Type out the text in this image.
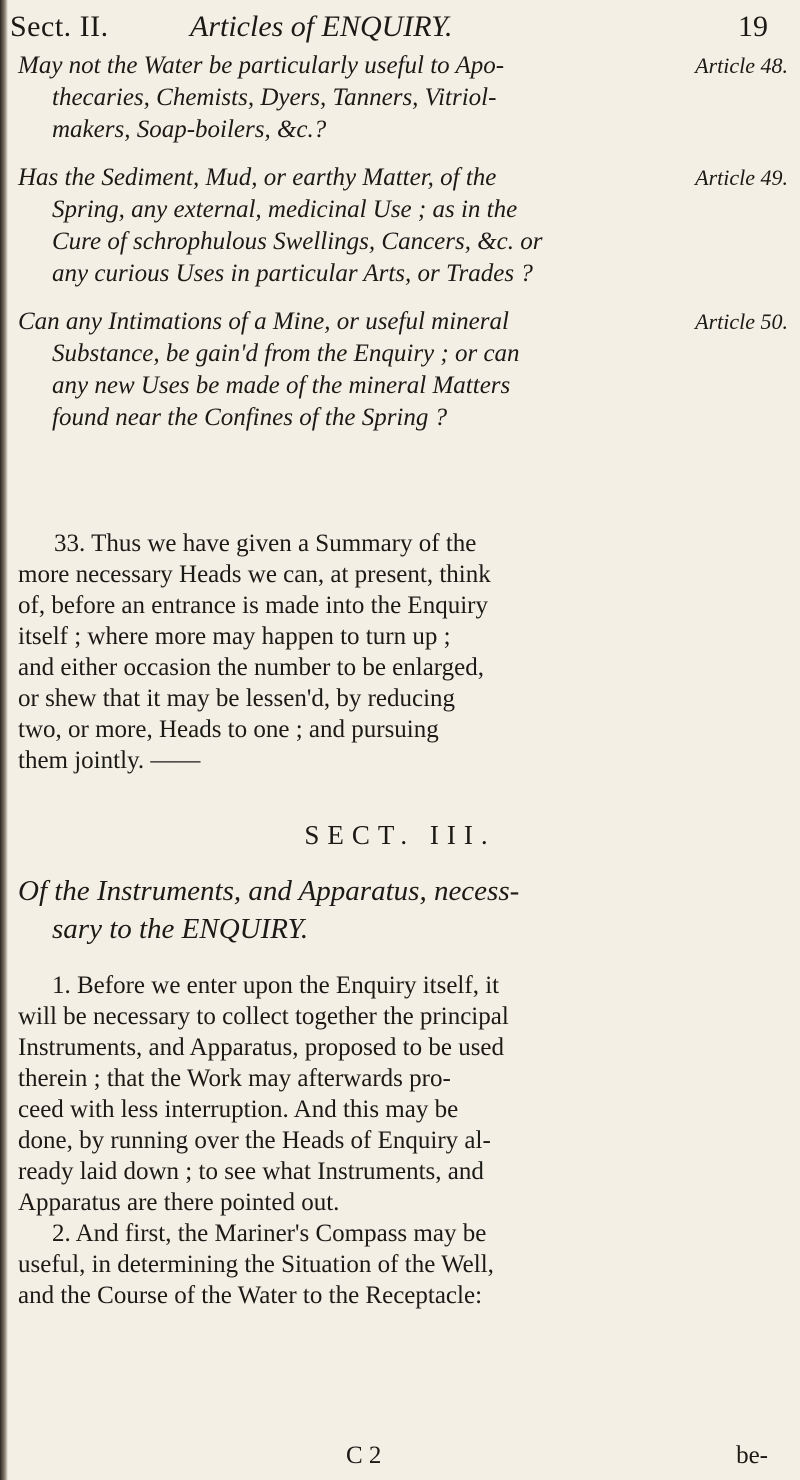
Sect. II.	Articles of ENQUIRY.	19
May not the Water be particularly useful to Apo-
thecaries, Chemists, Dyers, Tanners, Vitriol-
makers, Soap-boilers, &c.?
Article 48.
Has the Sediment, Mud, or earthy Matter, of the
Spring, any external, medicinal Use ; as in the
Cure of schrophulous Swellings, Cancers, &c. or
any curious Uses in particular Arts, or Trades ?
Article 49.
Can any Intimations of a Mine, or useful mineral
Substance, be gain'd from the Enquiry ; or can
any new Uses be made of the mineral Matters
found near the Confines of the Spring ?
Article 50.
33. Thus we have given a Summary of the
more necessary Heads we can, at present, think
of, before an entrance is made into the Enquiry
itself ; where more may happen to turn up ;
and either occasion the number to be enlarged,
or shew that it may be lessen'd, by reducing
two, or more, Heads to one ; and pursuing
them jointly. ——
SECT. III.
Of the Instruments, and Apparatus, necess-
sary to the ENQUIRY.
1. Before we enter upon the Enquiry itself, it
will be necessary to collect together the principal
Instruments, and Apparatus, proposed to be used
therein ; that the Work may afterwards pro-
ceed with less interruption. And this may be
done, by running over the Heads of Enquiry al-
ready laid down ; to see what Instruments, and
Apparatus are there pointed out.
2. And first, the Mariner's Compass may be
useful, in determining the Situation of the Well,
and the Course of the Water to the Receptacle:
C 2	be-
